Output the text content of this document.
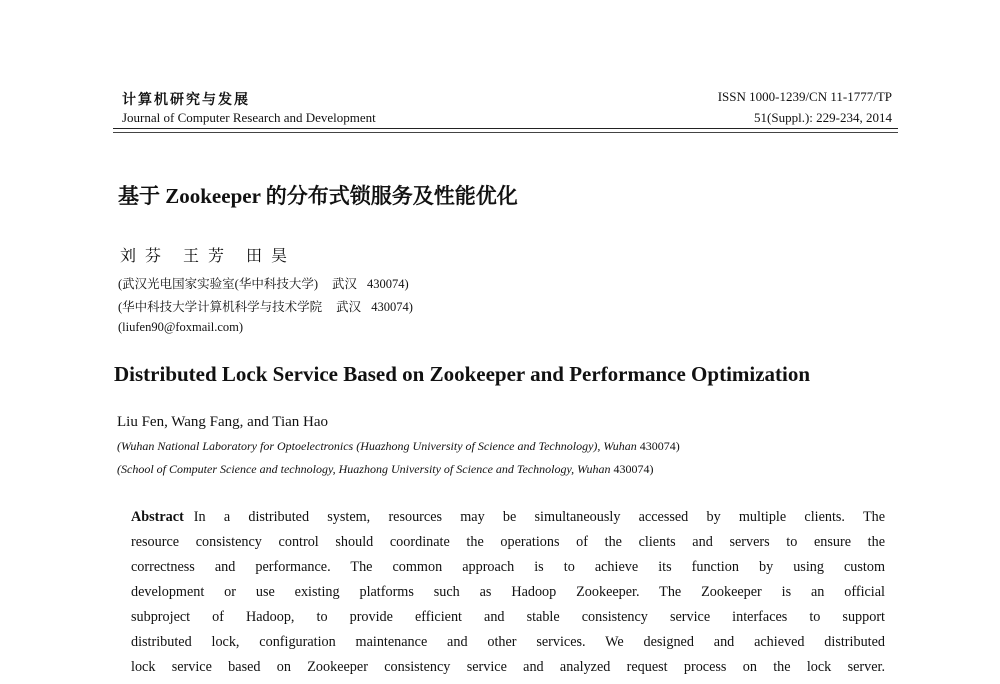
计算机研究与发展
Journal of Computer Research and Development
ISSN 1000-1239/CN 11-1777/TP
51(Suppl.): 229-234, 2014
基于 Zookeeper 的分布式锁服务及性能优化
刘芬 王芳 田昊
(武汉光电国家实验室(华中科技大学) 武汉 430074)
(华中科技大学计算机科学与技术学院 武汉 430074)
(liufen90@foxmail.com)
Distributed Lock Service Based on Zookeeper and Performance Optimization
Liu Fen, Wang Fang, and Tian Hao
(Wuhan National Laboratory for Optoelectronics (Huazhong University of Science and Technology), Wuhan 430074)
(School of Computer Science and technology, Huazhong University of Science and Technology, Wuhan 430074)
Abstract In a distributed system, resources may be simultaneously accessed by multiple clients. The
resource consistency control should coordinate the operations of the clients and servers to ensure the
correctness and performance. The common approach is to achieve its function by using custom
development or use existing platforms such as Hadoop Zookeeper. The Zookeeper is an official
subproject of Hadoop, to provide efficient and stable consistency service interfaces to support
distributed lock, configuration maintenance and other services. We designed and achieved distributed
lock service based on Zookeeper consistency service and analyzed request process on the lock server.
